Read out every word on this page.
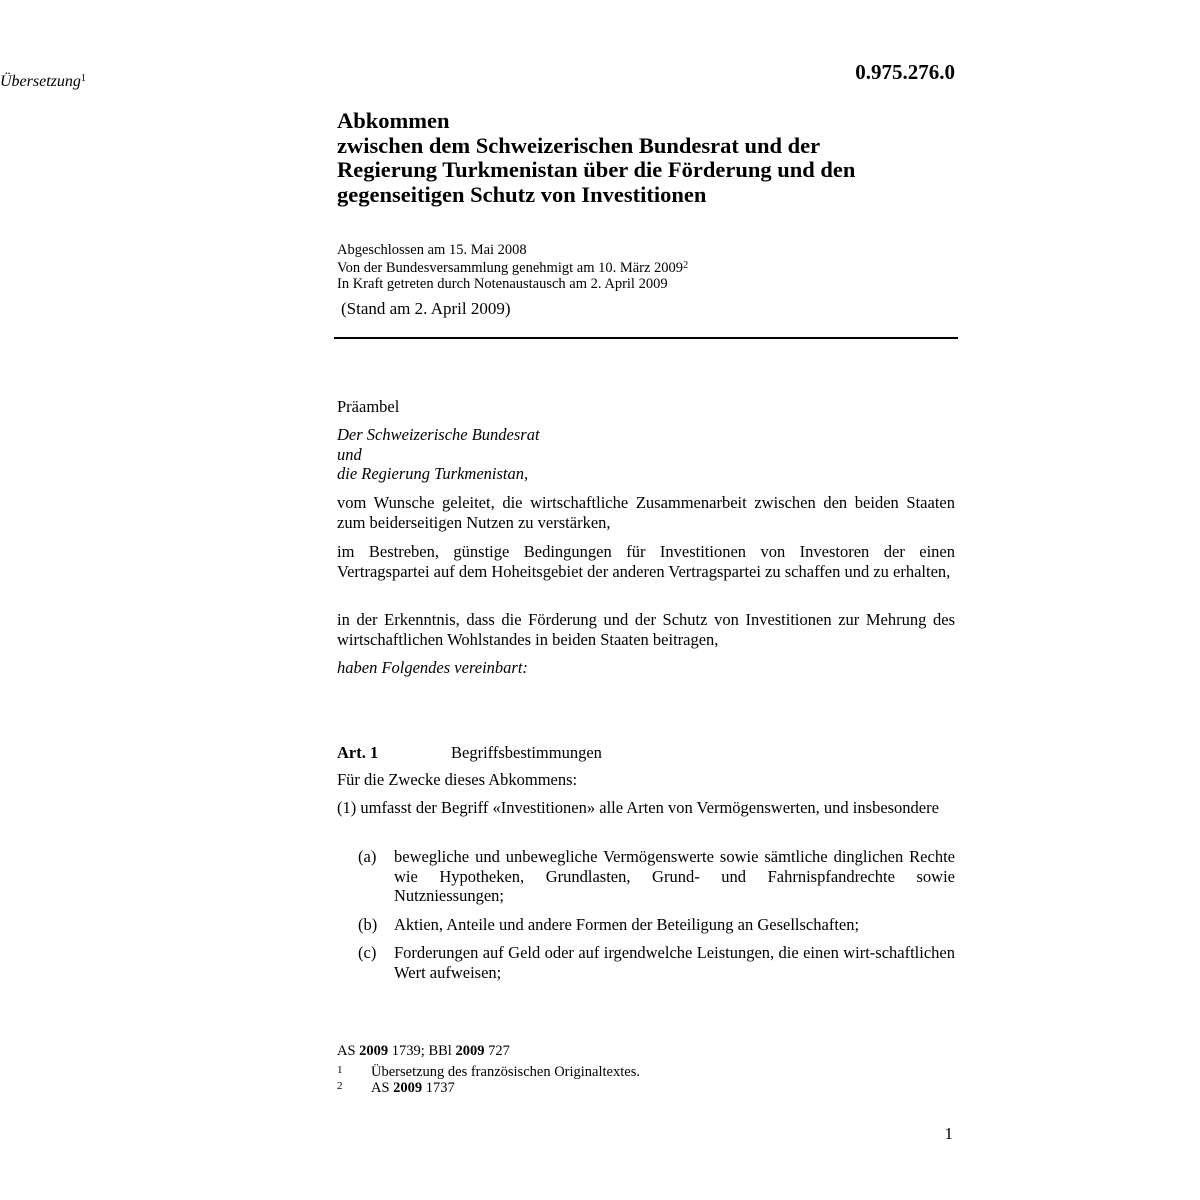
Übersetzung$^1$	0.975.276.0

Abkommen
zwischen dem Schweizerischen Bundesrat und der
Regierung Turkmenistan über die Förderung und den
gegenseitigen Schutz von Investitionen
Abgeschlossen am 15. Mai 2008
Von der Bundesversammlung genehmigt am 10. März 2009$^2$
In Kraft getreten durch Notenaustausch am 2. April 2009

(Stand am 2. April 2009)

Präambel

Der Schweizerische Bundesrat
und
die Regierung Turkmenistan,

vom Wunsche geleitet, die wirtschaftliche Zusammenarbeit zwischen den beiden Staaten zum beiderseitigen Nutzen zu verstärken,

im Bestreben, günstige Bedingungen für Investitionen von Investoren der einen Vertragspartei auf dem Hoheitsgebiet der anderen Vertragspartei zu schaffen und zu erhalten,

in der Erkenntnis, dass die Förderung und der Schutz von Investitionen zur Mehrung des wirtschaftlichen Wohlstandes in beiden Staaten beitragen,

haben Folgendes vereinbart:

Art. 1	Begriffsbestimmungen

Für die Zwecke dieses Abkommens:

(1) umfasst der Begriff «Investitionen» alle Arten von Vermögenswerten, und insbesondere

(a) bewegliche und unbewegliche Vermögenswerte sowie sämtliche dinglichen Rechte wie Hypotheken, Grundlasten, Grund- und Fahrnispfandrechte sowie Nutzniessungen;
(b) Aktien, Anteile und andere Formen der Beteiligung an Gesellschaften;
(c) Forderungen auf Geld oder auf irgendwelche Leistungen, die einen wirt-schaftlichen Wert aufweisen;

AS 2009 1739; BBl 2009 727

1 Übersetzung des französischen Originaltextes.

2 AS 2009 1737

1
